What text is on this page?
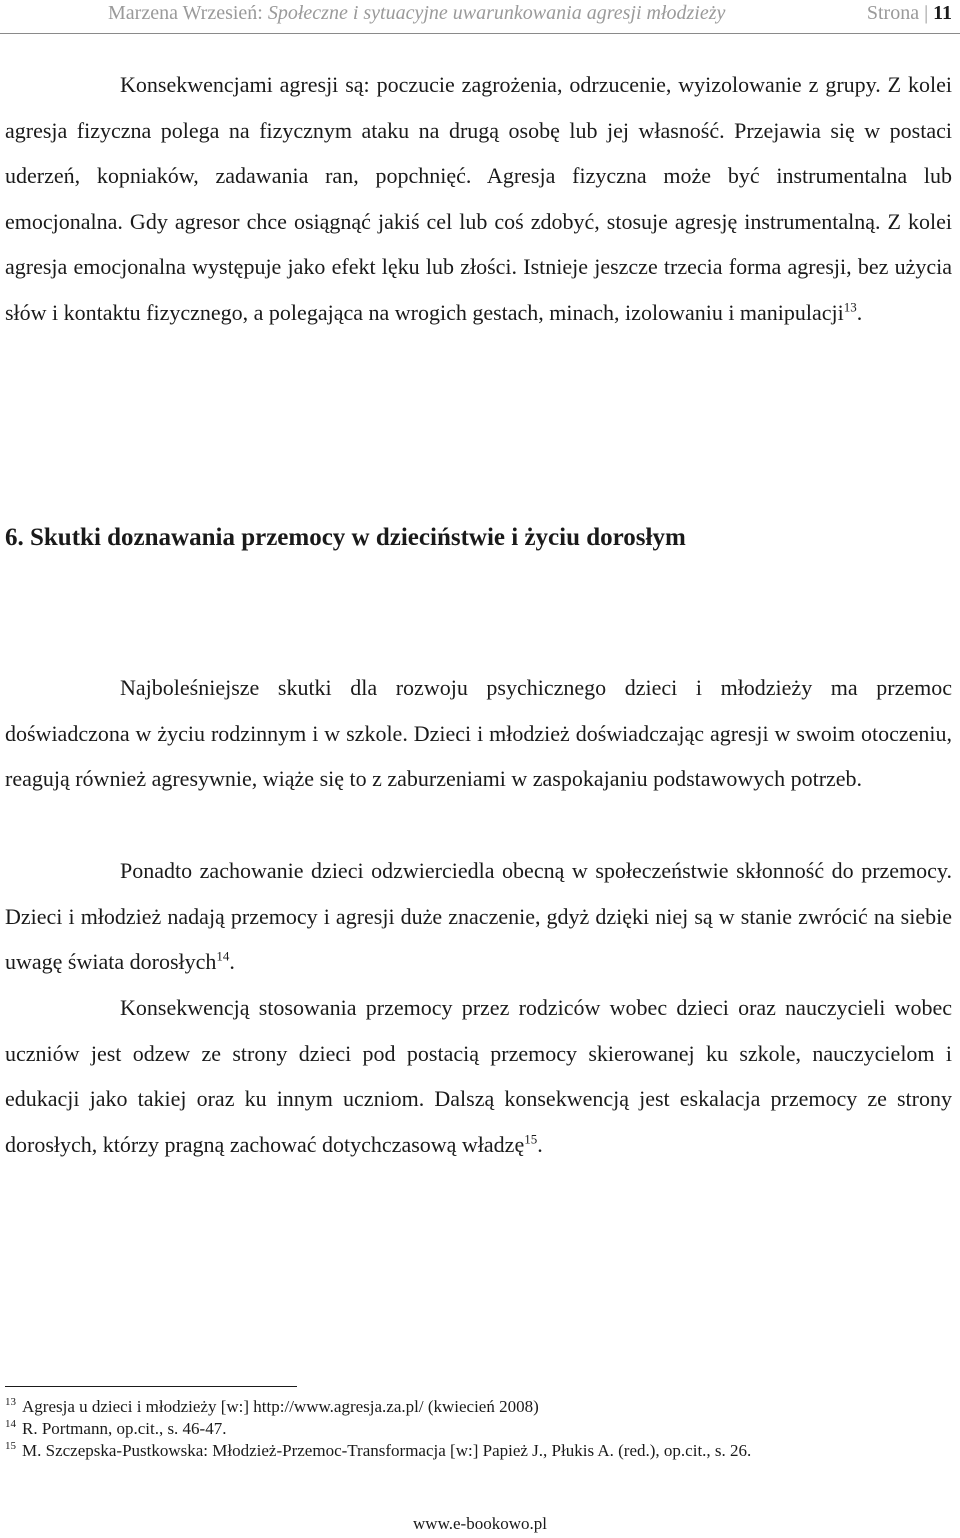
Marzena Wrzesień: Społeczne i sytuacyjne uwarunkowania agresji młodzieży	Strona | 11

Konsekwencjami agresji są: poczucie zagrożenia, odrzucenie, wyizolowanie z grupy. Z kolei agresja fizyczna polega na fizycznym ataku na drugą osobę lub jej własność. Przejawia się w postaci uderzeń, kopniaków, zadawania ran, popchnięć. Agresja fizyczna może być instrumentalna lub emocjonalna. Gdy agresor chce osiągnąć jakiś cel lub coś zdobyć, stosuje agresję instrumentalną. Z kolei agresja emocjonalna występuje jako efekt lęku lub złości. Istnieje jeszcze trzecia forma agresji, bez użycia słów i kontaktu fizycznego, a polegająca na wrogich gestach, minach, izolowaniu i manipulacji$^{13}$.

6. Skutki doznawania przemocy w dzieciństwie i życiu dorosłym

Najboleśniejsze skutki dla rozwoju psychicznego dzieci i młodzieży ma przemoc doświadczona w życiu rodzinnym i w szkole. Dzieci i młodzież doświadczając agresji w swoim otoczeniu, reagują również agresywnie, wiąże się to z zaburzeniami w zaspokajaniu podstawowych potrzeb.

Ponadto zachowanie dzieci odzwierciedla obecną w społeczeństwie skłonność do przemocy. Dzieci i młodzież nadają przemocy i agresji duże znaczenie, gdyż dzięki niej są w stanie zwrócić na siebie uwagę świata dorosłych$^{14}$.

Konsekwencją stosowania przemocy przez rodziców wobec dzieci oraz nauczycieli wobec uczniów jest odzew ze strony dzieci pod postacią przemocy skierowanej ku szkole, nauczycielom i edukacji jako takiej oraz ku innym uczniom. Dalszą konsekwencją jest eskalacja przemocy ze strony dorosłych, którzy pragną zachować dotychczasową władzę$^{15}$.

$^{13}$ Agresja u dzieci i młodzieży [w:] http://www.agresja.za.pl/ (kwiecień 2008)

$^{14}$ R. Portmann, op.cit., s. 46-47.

$^{15}$ M. Szczepska-Pustkowska: Młodzież-Przemoc-Transformacja [w:] Papież J., Płukis A. (red.), op.cit., s. 26.

www.e-bookowo.pl
